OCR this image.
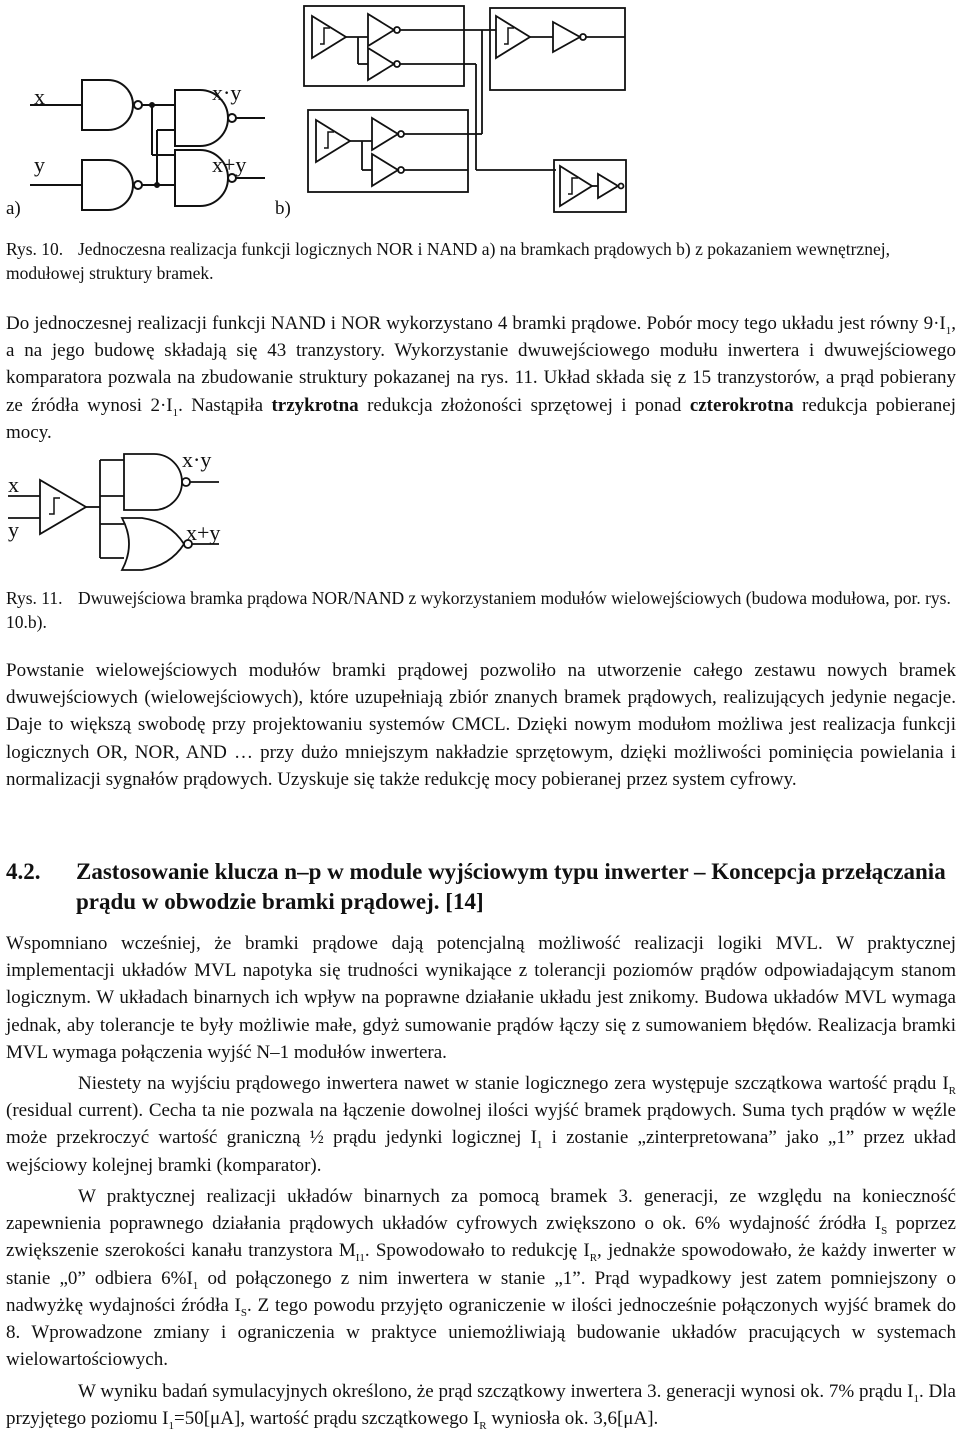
x
y
x·y
x+y
a)	b)
Rys. 10. Jednoczesna realizacja funkcji logicznych NOR i NAND a) na bramkach prądowych b) z pokazaniem wewnętrznej, modułowej struktury bramek.
Do jednoczesnej realizacji funkcji NAND i NOR wykorzystano 4 bramki prądowe. Pobór mocy tego układu jest równy $9\cdot I_1$, a na jego budowę składają się 43 tranzystory. Wykorzystanie dwuwejściowego modułu inwertera i dwuwejściowego komparatora pozwala na zbudowanie struktury pokazanej na rys. 11. Układ składa się z 15 tranzystorów, a prąd pobierany ze źródła wynosi $2\cdot I_1$. Nastąpiła trzykrotna redukcja złożoności sprzętowej i ponad czterokrotna redukcja pobieranej mocy.
x
y
x·y
x+y
Rys. 11. Dwuwejściowa bramka prądowa NOR/NAND z wykorzystaniem modułów wielowejściowych (budowa modułowa, por. rys. 10.b).
Powstanie wielowejściowych modułów bramki prądowej pozwoliło na utworzenie całego zestawu nowych bramek dwuwejściowych (wielowejściowych), które uzupełniają zbiór znanych bramek prądowych, realizujących jedynie negacje. Daje to większą swobodę przy projektowaniu systemów CMCL. Dzięki nowym modułom możliwa jest realizacja funkcji logicznych OR, NOR, AND … przy dużo mniejszym nakładzie sprzętowym, dzięki możliwości pominięcia powielania i normalizacji sygnałów prądowych. Uzyskuje się także redukcję mocy pobieranej przez system cyfrowy.
4.2.	Zastosowanie klucza n–p w module wyjściowym typu inwerter – Koncepcja przełączania prądu w obwodzie bramki prądowej. [14]
Wspomniano wcześniej, że bramki prądowe dają potencjalną możliwość realizacji logiki MVL. W praktycznej implementacji układów MVL napotyka się trudności wynikające z tolerancji poziomów prądów odpowiadającym stanom logicznym. W układach binarnych ich wpływ na poprawne działanie układu jest znikomy. Budowa układów MVL wymaga jednak, aby tolerancje te były możliwie małe, gdyż sumowanie prądów łączy się z sumowaniem błędów. Realizacja bramki MVL wymaga połączenia wyjść N–1 modułów inwertera.
Niestety na wyjściu prądowego inwertera nawet w stanie logicznego zera występuje szczątkowa wartość prądu $I_R$ (residual current). Cecha ta nie pozwala na łączenie dowolnej ilości wyjść bramek prądowych. Suma tych prądów w węźle może przekroczyć wartość graniczną ½ prądu jedynki logicznej $I_1$ i zostanie „zinterpretowana” jako „1” przez układ wejściowy kolejnej bramki (komparator).
W praktycznej realizacji układów binarnych za pomocą bramek 3. generacji, ze względu na konieczność zapewnienia poprawnego działania prądowych układów cyfrowych zwiększono o ok. 6% wydajność źródła $I_S$ poprzez zwiększenie szerokości kanału tranzystora $M_{I1}$. Spowodowało to redukcję $I_R$, jednakże spowodowało, że każdy inwerter w stanie „0” odbiera $6\%I_1$ od połączonego z nim inwertera w stanie „1”. Prąd wypadkowy jest zatem pomniejszony o nadwyżkę wydajności źródła $I_S$. Z tego powodu przyjęto ograniczenie w ilości jednocześnie połączonych wyjść bramek do 8. Wprowadzone zmiany i ograniczenia w praktyce uniemożliwiają budowanie układów pracujących w systemach wielowartościowych.
W wyniku badań symulacyjnych określono, że prąd szczątkowy inwertera 3. generacji wynosi ok. 7% prądu $I_1$. Dla przyjętego poziomu $I_1=50[\mu A]$, wartość prądu szczątkowego $I_R$ wyniosła ok. 3,6[μA].
